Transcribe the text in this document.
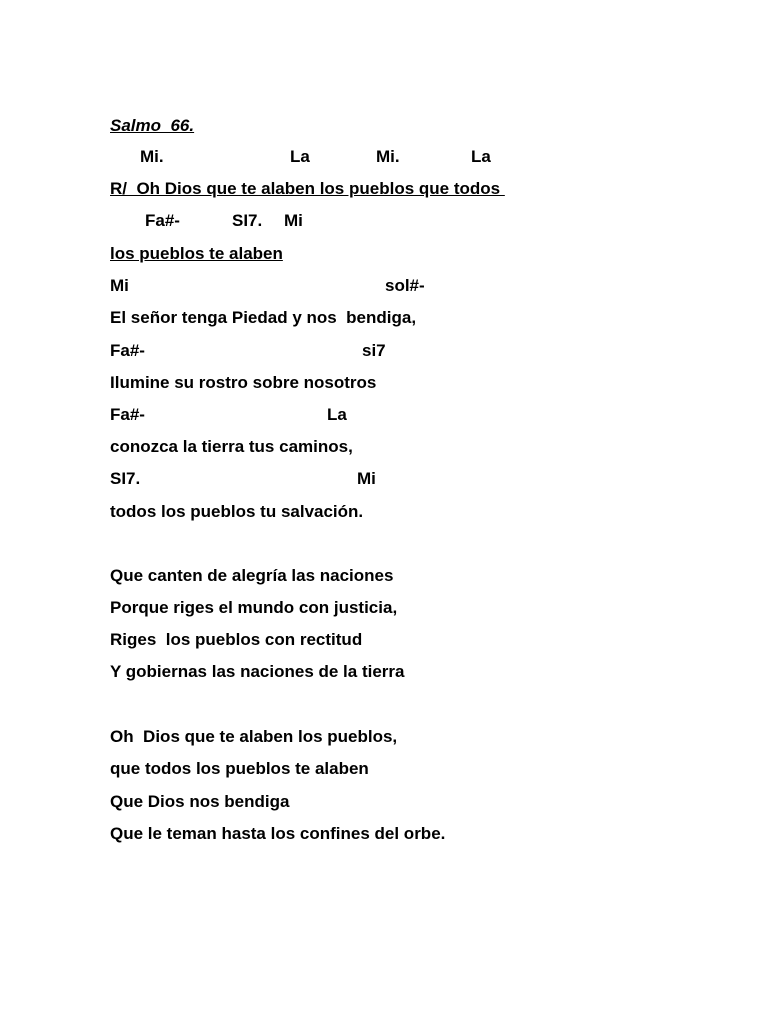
Salmo  66.
Mi.	La	Mi.	La
R/  Oh Dios que te alaben los pueblos que todos
Fa#-	SI7. Mi
los pueblos te alaben
Mi	sol#-
El señor tenga Piedad y nos  bendiga,
Fa#-	si7
Ilumine su rostro sobre nosotros
Fa#-	La
conozca la tierra tus caminos,
SI7.	Mi
todos los pueblos tu salvación.
Que canten de alegría las naciones
Porque riges el mundo con justicia,
Riges  los pueblos con rectitud
Y gobiernas las naciones de la tierra
Oh  Dios que te alaben los pueblos,
que todos los pueblos te alaben
Que Dios nos bendiga
Que le teman hasta los confines del orbe.
